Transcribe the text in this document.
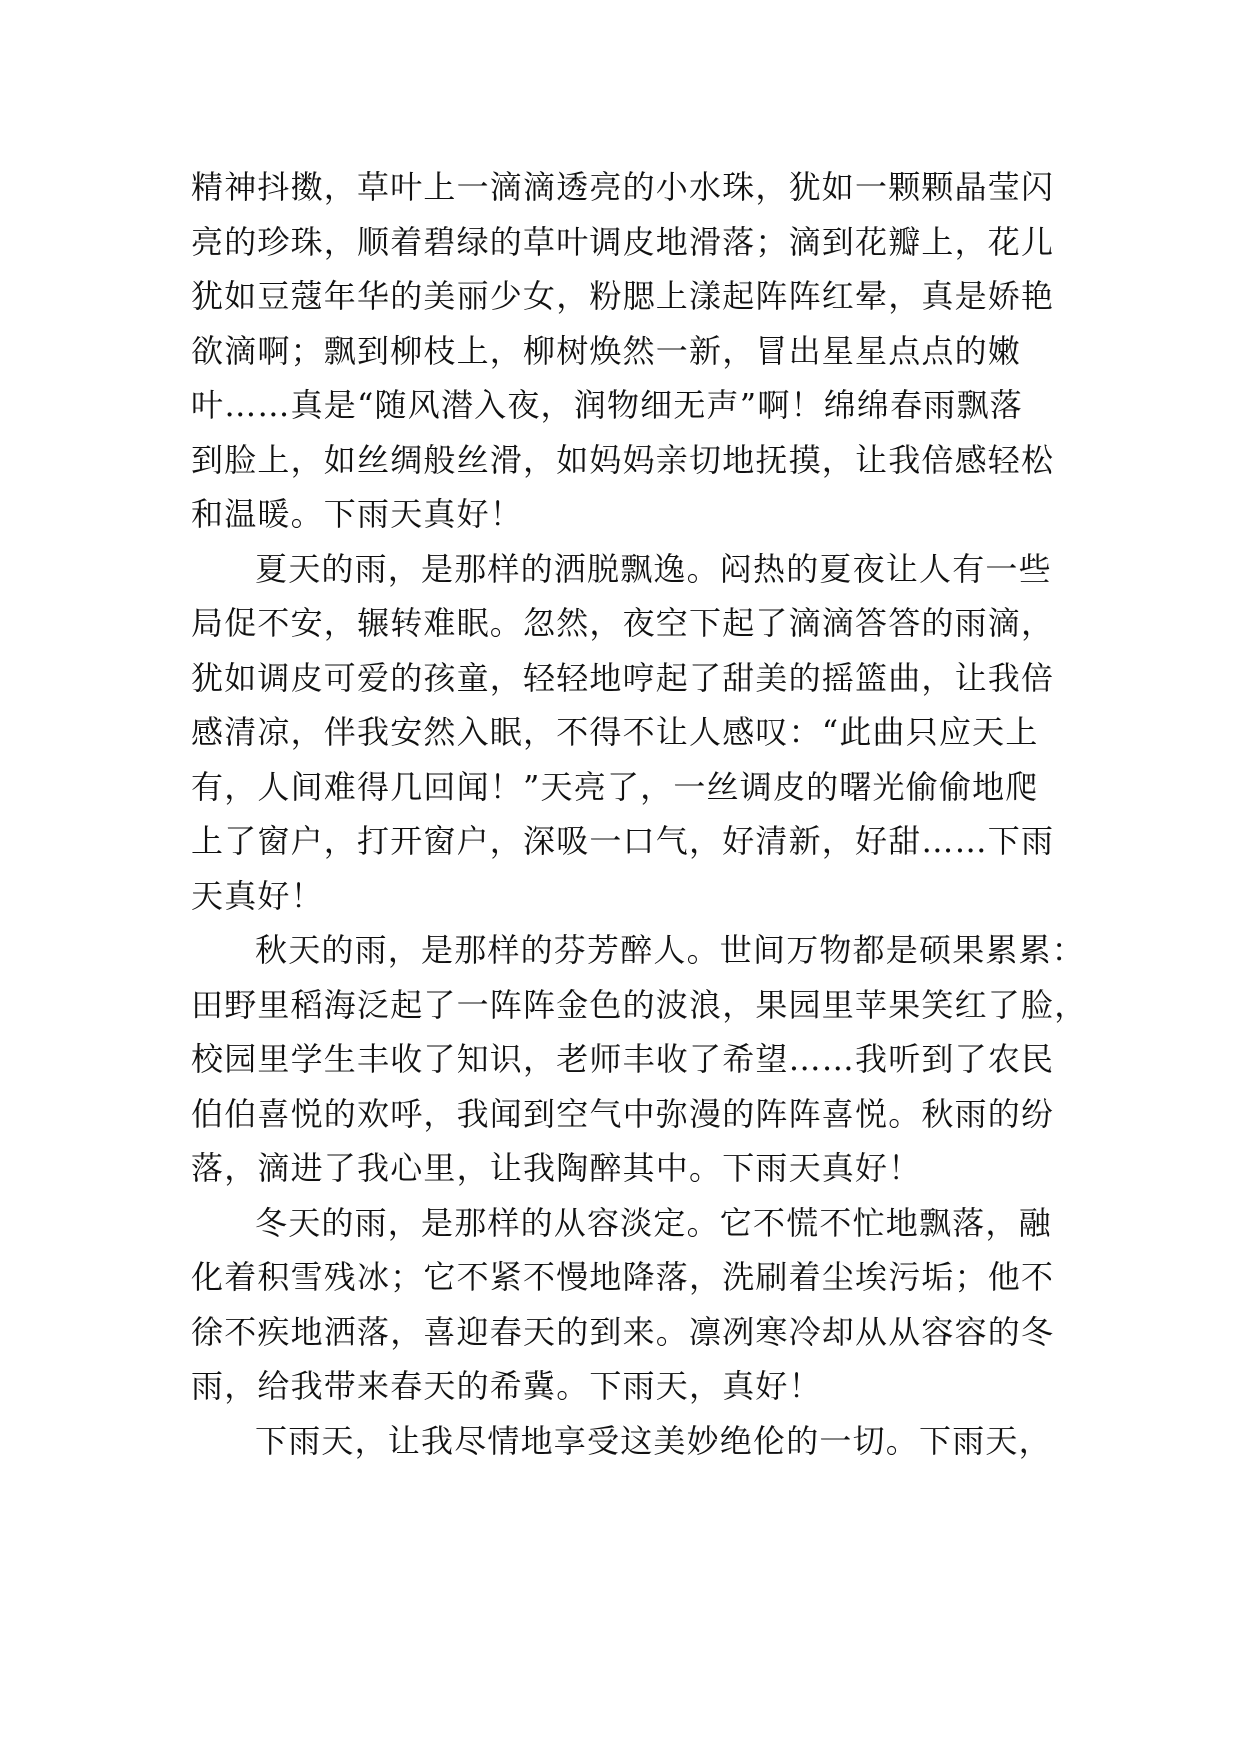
精神抖擞，草叶上一滴滴透亮的小水珠，犹如一颗颗晶莹闪
亮的珍珠，顺着碧绿的草叶调皮地滑落；滴到花瓣上，花儿
犹如豆蔻年华的美丽少女，粉腮上漾起阵阵红晕，真是娇艳
欲滴啊；飘到柳枝上，柳树焕然一新，冒出星星点点的嫩
叶……真是“随风潜入夜，润物细无声”啊！绵绵春雨飘落
到脸上，如丝绸般丝滑，如妈妈亲切地抚摸，让我倍感轻松
和温暖。下雨天真好！
夏天的雨，是那样的洒脱飘逸。闷热的夏夜让人有一些
局促不安，辗转难眠。忽然，夜空下起了滴滴答答的雨滴，
犹如调皮可爱的孩童，轻轻地哼起了甜美的摇篮曲，让我倍
感清凉，伴我安然入眠，不得不让人感叹：“此曲只应天上
有，人间难得几回闻！”天亮了，一丝调皮的曙光偷偷地爬
上了窗户，打开窗户，深吸一口气，好清新，好甜……下雨
天真好！
秋天的雨，是那样的芬芳醉人。世间万物都是硕果累累：
田野里稻海泛起了一阵阵金色的波浪，果园里苹果笑红了脸，
校园里学生丰收了知识，老师丰收了希望……我听到了农民
伯伯喜悦的欢呼，我闻到空气中弥漫的阵阵喜悦。秋雨的纷
落，滴进了我心里，让我陶醉其中。下雨天真好！
冬天的雨，是那样的从容淡定。它不慌不忙地飘落，融
化着积雪残冰；它不紧不慢地降落，洗刷着尘埃污垢；他不
徐不疾地洒落，喜迎春天的到来。凛冽寒冷却从从容容的冬
雨，给我带来春天的希冀。下雨天，真好！
下雨天，让我尽情地享受这美妙绝伦的一切。下雨天，
